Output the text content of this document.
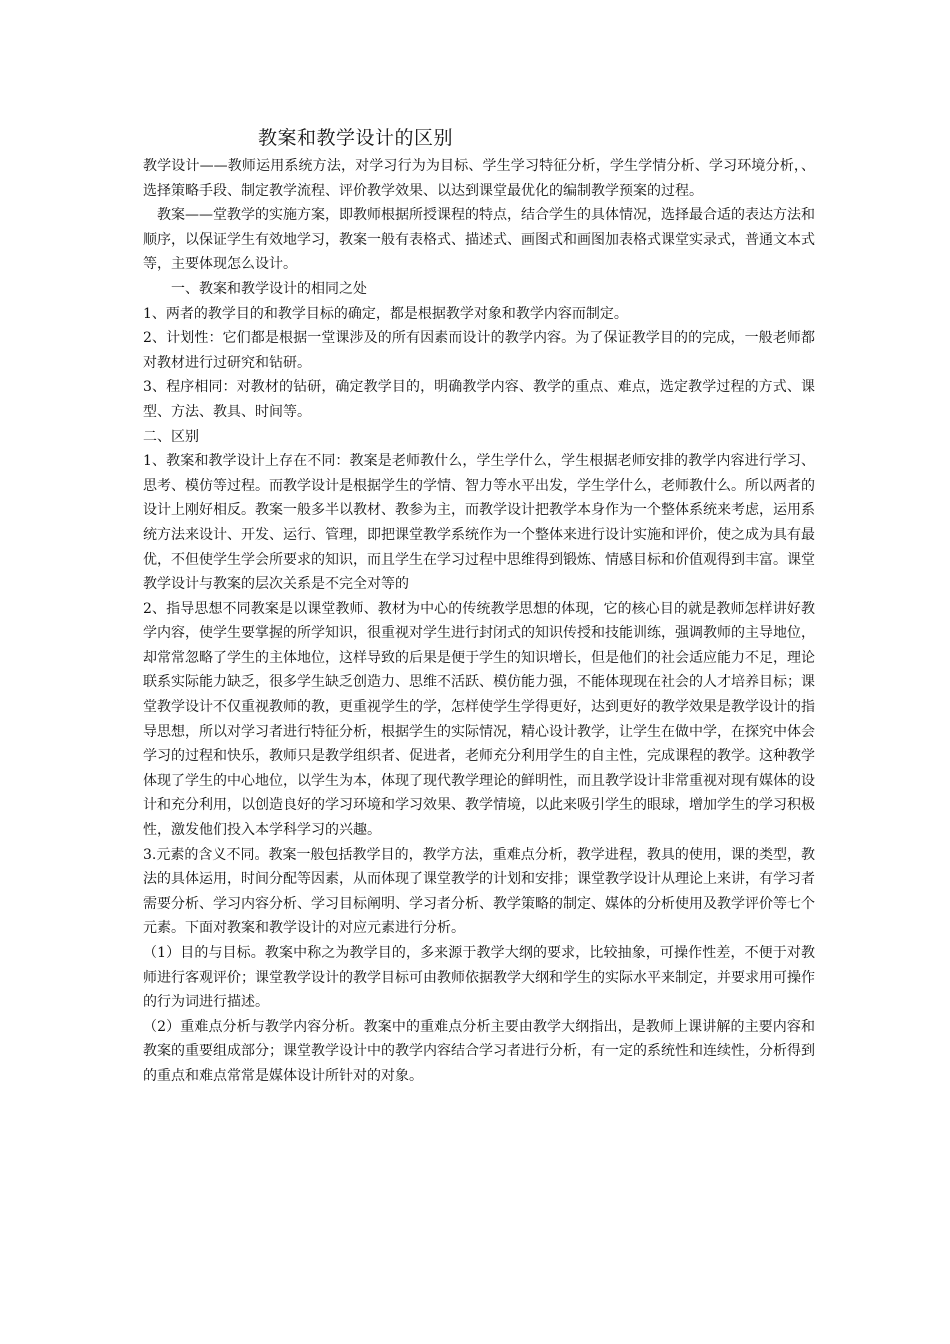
教案和教学设计的区别

教学设计——教师运用系统方法，对学习行为为目标、学生学习特征分析，学生学情分析、学习环境分析，、选择策略手段、制定教学流程、评价教学效果、以达到课堂最优化的编制教学预案的过程。

教案——堂教学的实施方案，即教师根据所授课程的特点，结合学生的具体情况，选择最合适的表达方法和顺序，以保证学生有效地学习，教案一般有表格式、描述式、画图式和画图加表格式课堂实录式，普通文本式等，主要体现怎么设计。

一、教案和教学设计的相同之处

1、两者的教学目的和教学目标的确定，都是根据教学对象和教学内容而制定。

2、计划性：它们都是根据一堂课涉及的所有因素而设计的教学内容。为了保证教学目的的完成，一般老师都对教材进行过研究和钻研。

3、程序相同：对教材的钻研，确定教学目的，明确教学内容、教学的重点、难点，选定教学过程的方式、课型、方法、教具、时间等。

二、区别

1、教案和教学设计上存在不同：教案是老师教什么，学生学什么，学生根据老师安排的教学内容进行学习、思考、模仿等过程。而教学设计是根据学生的学情、智力等水平出发，学生学什么，老师教什么。所以两者的设计上刚好相反。教案一般多半以教材、教参为主，而教学设计把教学本身作为一个整体系统来考虑，运用系统方法来设计、开发、运行、管理，即把课堂教学系统作为一个整体来进行设计实施和评价，使之成为具有最优，不但使学生学会所要求的知识，而且学生在学习过程中思维得到锻炼、情感目标和价值观得到丰富。课堂教学设计与教案的层次关系是不完全对等的

2、指导思想不同教案是以课堂教师、教材为中心的传统教学思想的体现，它的核心目的就是教师怎样讲好教学内容，使学生要掌握的所学知识，很重视对学生进行封闭式的知识传授和技能训练，强调教师的主导地位，却常常忽略了学生的主体地位，这样导致的后果是便于学生的知识增长，但是他们的社会适应能力不足，理论联系实际能力缺乏，很多学生缺乏创造力、思维不活跃、模仿能力强，不能体现现在社会的人才培养目标；课堂教学设计不仅重视教师的教，更重视学生的学，怎样使学生学得更好，达到更好的教学效果是教学设计的指导思想，所以对学习者进行特征分析，根据学生的实际情况，精心设计教学，让学生在做中学，在探究中体会学习的过程和快乐，教师只是教学组织者、促进者，老师充分利用学生的自主性，完成课程的教学。这种教学体现了学生的中心地位，以学生为本，体现了现代教学理论的鲜明性，而且教学设计非常重视对现有媒体的设计和充分利用，以创造良好的学习环境和学习效果、教学情境，以此来吸引学生的眼球，增加学生的学习积极性，激发他们投入本学科学习的兴趣。

3.元素的含义不同。教案一般包括教学目的，教学方法，重难点分析，教学进程，教具的使用，课的类型，教法的具体运用，时间分配等因素，从而体现了课堂教学的计划和安排；课堂教学设计从理论上来讲，有学习者需要分析、学习内容分析、学习目标阐明、学习者分析、教学策略的制定、媒体的分析使用及教学评价等七个元素。下面对教案和教学设计的对应元素进行分析。

（1）目的与目标。教案中称之为教学目的，多来源于教学大纲的要求，比较抽象，可操作性差，不便于对教师进行客观评价；课堂教学设计的教学目标可由教师依据教学大纲和学生的实际水平来制定，并要求用可操作的行为词进行描述。

（2）重难点分析与教学内容分析。教案中的重难点分析主要由教学大纲指出，是教师上课讲解的主要内容和教案的重要组成部分；课堂教学设计中的教学内容结合学习者进行分析，有一定的系统性和连续性，分析得到的重点和难点常常是媒体设计所针对的对象。
